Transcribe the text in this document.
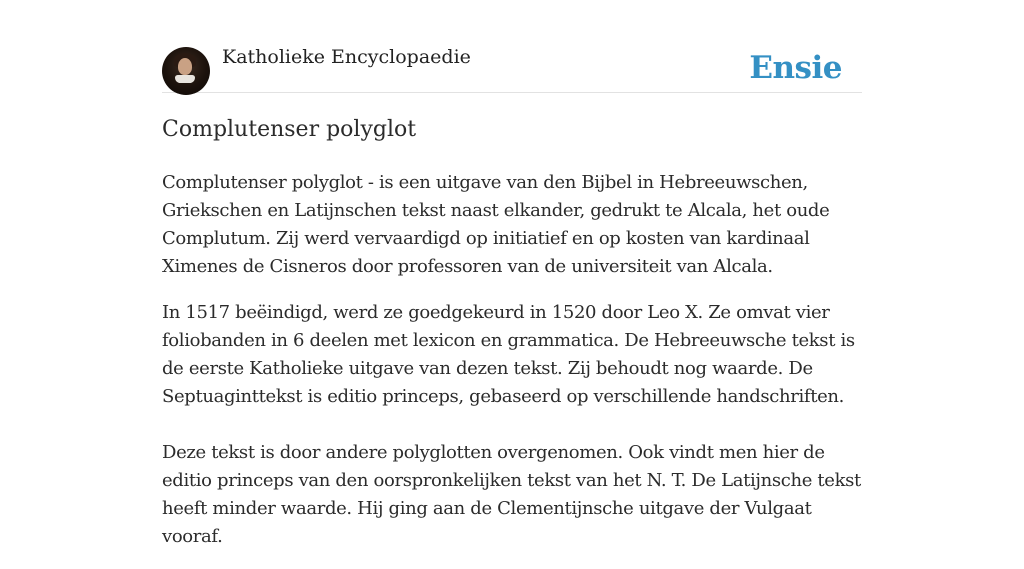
Katholieke Encyclopaedie	Ensie
Complutenser polyglot

Complutenser polyglot - is een uitgave van den Bijbel in Hebreeuwschen, Griekschen en Latijnschen tekst naast elkander, gedrukt te Alcala, het oude Complutum. Zij werd vervaardigd op initiatief en op kosten van kardinaal Ximenes de Cisneros door professoren van de universiteit van Alcala.

In 1517 beëindigd, werd ze goedgekeurd in 1520 door Leo X. Ze omvat vier foliobanden in 6 deelen met lexicon en grammatica. De Hebreeuwsche tekst is de eerste Katholieke uitgave van dezen tekst. Zij behoudt nog waarde. De Septuaginttekst is editio princeps, gebaseerd op verschillende handschriften.

Deze tekst is door andere polyglotten overgenomen. Ook vindt men hier de editio princeps van den oorspronkelijken tekst van het N. T. De Latijnsche tekst heeft minder waarde. Hij ging aan de Clementijnsche uitgave der Vulgaat vooraf.
